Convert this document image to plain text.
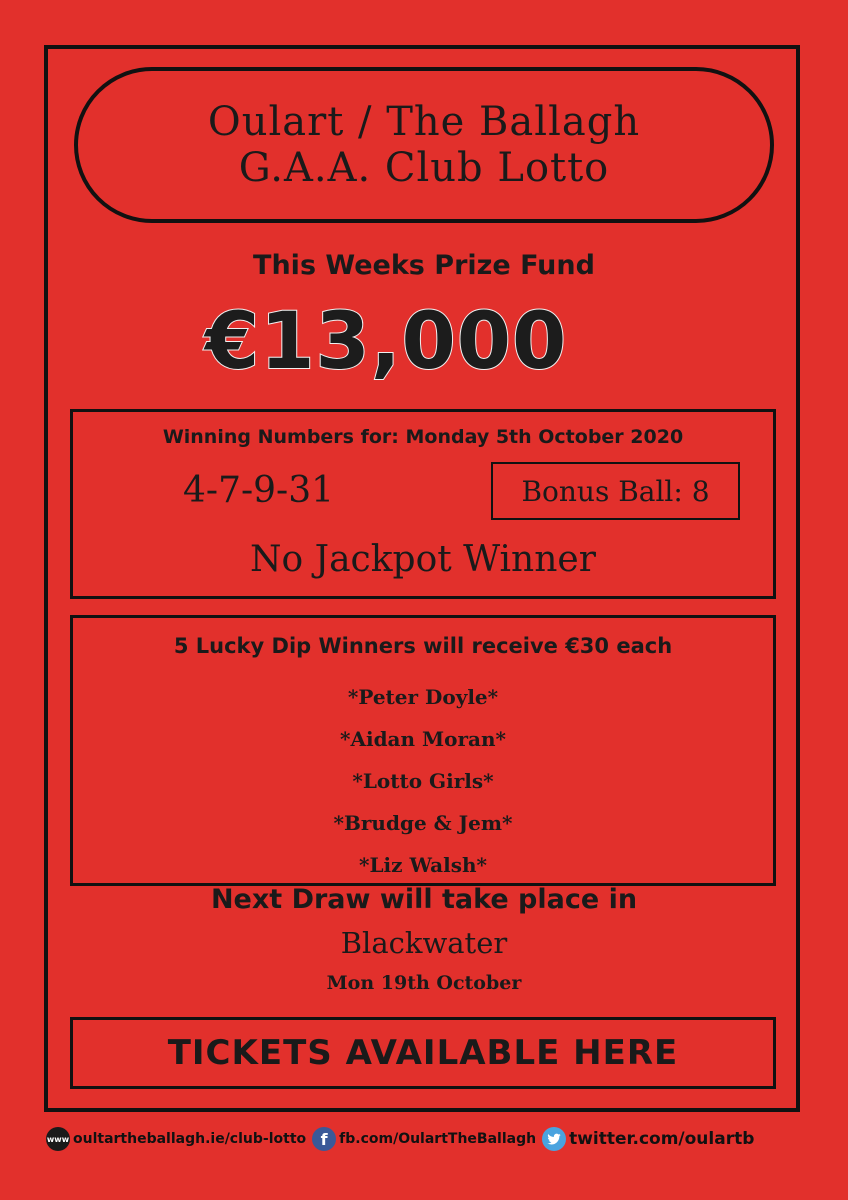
Oulart / The Ballagh
G.A.A. Club Lotto
This Weeks Prize Fund
€13,000
Winning Numbers for: Monday 5th October 2020
4-7-9-31	Bonus Ball: 8
No Jackpot Winner
5 Lucky Dip Winners will receive €30 each
*Peter Doyle*
*Aidan Moran*
*Lotto Girls*
*Brudge & Jem*
*Liz Walsh*
Next Draw will take place in
Blackwater
Mon 19th October
TICKETS AVAILABLE HERE
www oultartheballagh.ie/club-lotto f fb.com/OulartTheBallagh twitter.com/oulartb
